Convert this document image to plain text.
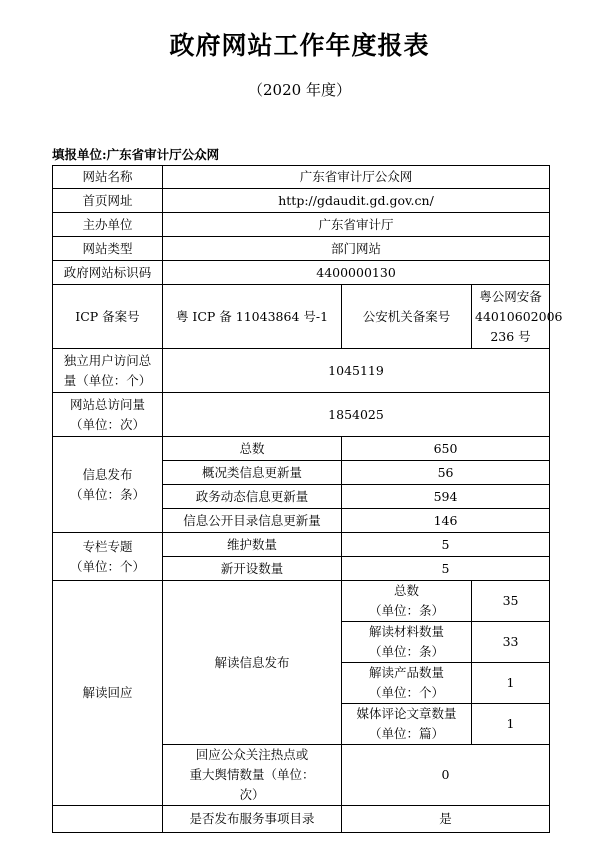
政府网站工作年度报表
（2020 年度）
填报单位:广东省审计厅公众网
网站名称	广东省审计厅公众网		
首页网址	http://gdaudit.gd.gov.cn/		
主办单位	广东省审计厅		
网站类型	部门网站		
政府网站标识码	4400000130		
ICP 备案号	粤 ICP 备 11043864 号-1	公安机关备案号	粤公网安备
44010602006
236 号

独立用户访问总
量（单位：个）	1045119		

网站总访问量
（单位：次）	1854025		

信息发布
（单位：条）	总数	650	
	概况类信息更新量	56	
	政务动态信息更新量	594	
	信息公开目录信息更新量	146	

专栏专题
（单位：个）	维护数量	5	
	新开设数量	5	
解读回应	解读信息发布	总数
（单位：条）	35

		解读材料数量
（单位：条）	33

		解读产品数量
（单位：个）	1

		媒体评论文章数量
（单位：篇）	1

	回应公众关注热点或
重大舆情数量（单位：
次）	0	
	是否发布服务事项目录	是	
